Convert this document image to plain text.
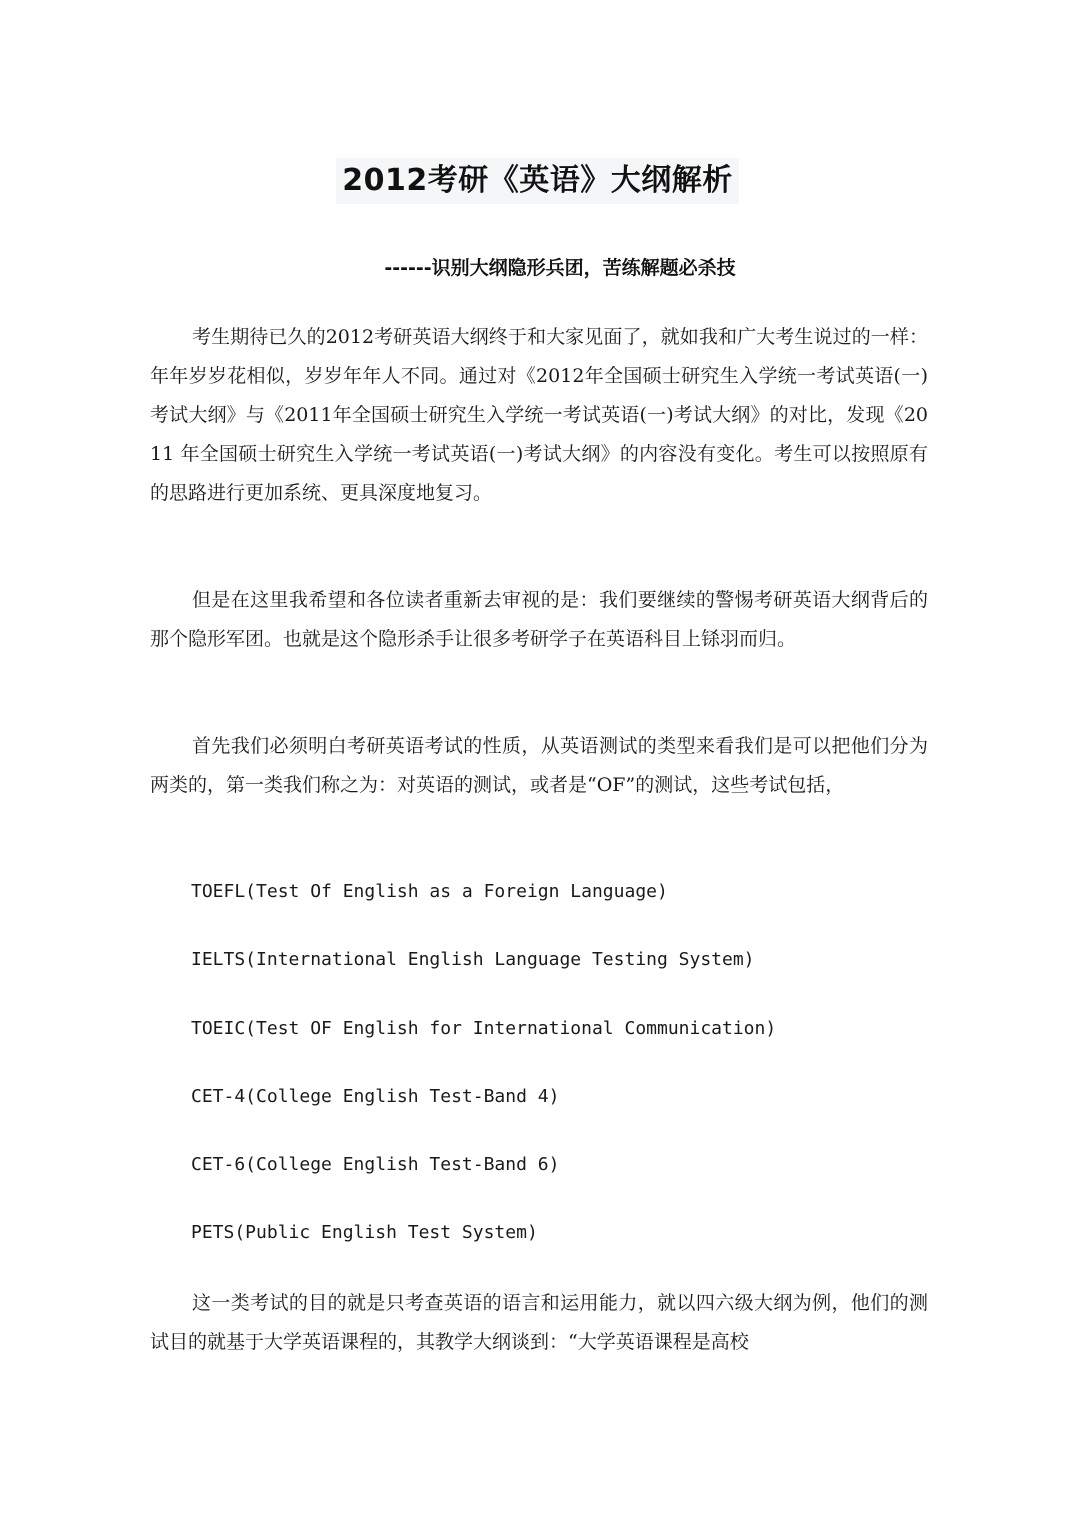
2012考研《英语》大纲解析
------识别大纲隐形兵团，苦练解题必杀技

考生期待已久的2012考研英语大纲终于和大家见面了，就如我和广大考生说过的一样：年年岁岁花相似，岁岁年年人不同。通过对《2012年全国硕士研究生入学统一考试英语(一)考试大纲》与《2011年全国硕士研究生入学统一考试英语(一)考试大纲》的对比，发现《2011 年全国硕士研究生入学统一考试英语(一)考试大纲》的内容没有变化。考生可以按照原有的思路进行更加系统、更具深度地复习。

但是在这里我希望和各位读者重新去审视的是：我们要继续的警惕考研英语大纲背后的那个隐形军团。也就是这个隐形杀手让很多考研学子在英语科目上铩羽而归。

首先我们必须明白考研英语考试的性质，从英语测试的类型来看我们是可以把他们分为两类的，第一类我们称之为：对英语的测试，或者是“OF”的测试，这些考试包括，

TOEFL(Test Of English as a Foreign Language)
IELTS(International English Language Testing System)
TOEIC(Test OF English for International Communication)
CET-4(College English Test-Band 4)
CET-6(College English Test-Band 6)
PETS(Public English Test System)

这一类考试的目的就是只考查英语的语言和运用能力，就以四六级大纲为例，他们的测试目的就基于大学英语课程的，其教学大纲谈到：“大学英语课程是高校
